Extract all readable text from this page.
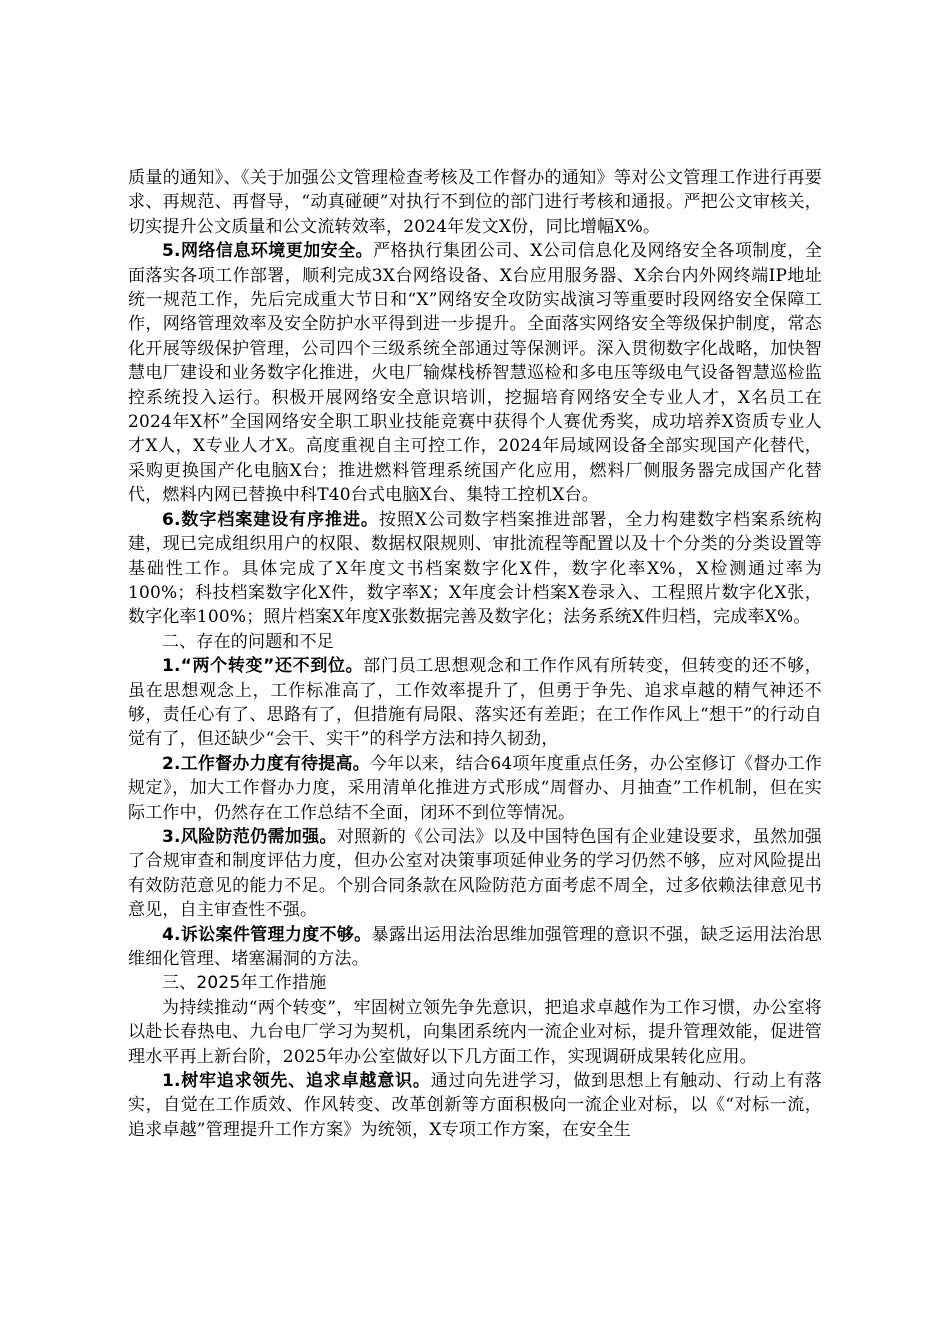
质量的通知》、《关于加强公文管理检查考核及工作督办的通知》等对公文管理工作进行再要求、再规范、再督导，“动真碰硬”对执行不到位的部门进行考核和通报。严把公文审核关，切实提升公文质量和公文流转效率，2024年发文X份，同比增幅X%。

5.网络信息环境更加安全。严格执行集团公司、X公司信息化及网络安全各项制度，全面落实各项工作部署，顺利完成3X台网络设备、X台应用服务器、X余台内外网终端IP地址统一规范工作，先后完成重大节日和“X”网络安全攻防实战演习等重要时段网络安全保障工作，网络管理效率及安全防护水平得到进一步提升。全面落实网络安全等级保护制度，常态化开展等级保护管理，公司四个三级系统全部通过等保测评。深入贯彻数字化战略，加快智慧电厂建设和业务数字化推进，火电厂输煤栈桥智慧巡检和多电压等级电气设备智慧巡检监控系统投入运行。积极开展网络安全意识培训，挖掘培育网络安全专业人才，X名员工在2024年X杯”全国网络安全职工职业技能竞赛中获得个人赛优秀奖，成功培养X资质专业人才X人，X专业人才X。高度重视自主可控工作，2024年局域网设备全部实现国产化替代，采购更换国产化电脑X台；推进燃料管理系统国产化应用，燃料厂侧服务器完成国产化替代，燃料内网已替换中科T40台式电脑X台、集特工控机X台。

6.数字档案建设有序推进。按照X公司数字档案推进部署，全力构建数字档案系统构建，现已完成组织用户的权限、数据权限规则、审批流程等配置以及十个分类的分类设置等基础性工作。具体完成了X年度文书档案数字化X件，数字化率X%，X检测通过率为100%；科技档案数字化X件，数字率X；X年度会计档案X卷录入、工程照片数字化X张，数字化率100%；照片档案X年度X张数据完善及数字化；法务系统X件归档，完成率X%。

二、存在的问题和不足

1.“两个转变”还不到位。部门员工思想观念和工作作风有所转变，但转变的还不够，虽在思想观念上，工作标准高了，工作效率提升了，但勇于争先、追求卓越的精气神还不够，责任心有了、思路有了，但措施有局限、落实还有差距；在工作作风上“想干”的行动自觉有了，但还缺少“会干、实干”的科学方法和持久韧劲，

2.工作督办力度有待提高。今年以来，结合64项年度重点任务，办公室修订《督办工作规定》，加大工作督办力度，采用清单化推进方式形成“周督办、月抽查”工作机制，但在实际工作中，仍然存在工作总结不全面，闭环不到位等情况。

3.风险防范仍需加强。对照新的《公司法》以及中国特色国有企业建设要求，虽然加强了合规审查和制度评估力度，但办公室对决策事项延伸业务的学习仍然不够，应对风险提出有效防范意见的能力不足。个别合同条款在风险防范方面考虑不周全，过多依赖法律意见书意见，自主审查性不强。

4.诉讼案件管理力度不够。暴露出运用法治思维加强管理的意识不强，缺乏运用法治思维细化管理、堵塞漏洞的方法。

三、2025年工作措施

为持续推动“两个转变”，牢固树立领先争先意识，把追求卓越作为工作习惯，办公室将以赴长春热电、九台电厂学习为契机，向集团系统内一流企业对标，提升管理效能，促进管理水平再上新台阶，2025年办公室做好以下几方面工作，实现调研成果转化应用。

1.树牢追求领先、追求卓越意识。通过向先进学习，做到思想上有触动、行动上有落实，自觉在工作质效、作风转变、改革创新等方面积极向一流企业对标，以《“对标一流，追求卓越”管理提升工作方案》为统领，X专项工作方案，在安全生
